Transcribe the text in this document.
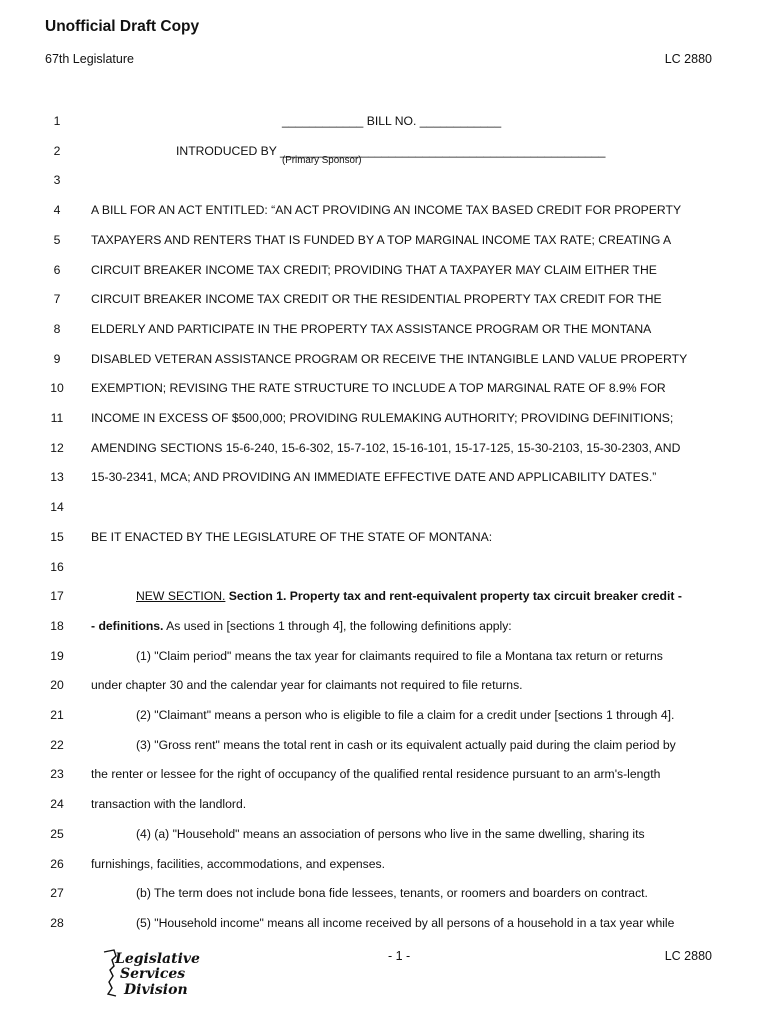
Unofficial Draft Copy
67th Legislature	LC 2880
1	____________ BILL NO. ____________
2	INTRODUCED BY ________________________________________________
3
4	A BILL FOR AN ACT ENTITLED: “AN ACT PROVIDING AN INCOME TAX BASED CREDIT FOR PROPERTY
5	TAXPAYERS AND RENTERS THAT IS FUNDED BY A TOP MARGINAL INCOME TAX RATE; CREATING A
6	CIRCUIT BREAKER INCOME TAX CREDIT; PROVIDING THAT A TAXPAYER MAY CLAIM EITHER THE
7	CIRCUIT BREAKER INCOME TAX CREDIT OR THE RESIDENTIAL PROPERTY TAX CREDIT FOR THE
8	ELDERLY AND PARTICIPATE IN THE PROPERTY TAX ASSISTANCE PROGRAM OR THE MONTANA
9	DISABLED VETERAN ASSISTANCE PROGRAM OR RECEIVE THE INTANGIBLE LAND VALUE PROPERTY
10	EXEMPTION; REVISING THE RATE STRUCTURE TO INCLUDE A TOP MARGINAL RATE OF 8.9% FOR
11	INCOME IN EXCESS OF $500,000; PROVIDING RULEMAKING AUTHORITY; PROVIDING DEFINITIONS;
12	AMENDING SECTIONS 15-6-240, 15-6-302, 15-7-102, 15-16-101, 15-17-125, 15-30-2103, 15-30-2303, AND
13	15-30-2341, MCA; AND PROVIDING AN IMMEDIATE EFFECTIVE DATE AND APPLICABILITY DATES.”
14
15	BE IT ENACTED BY THE LEGISLATURE OF THE STATE OF MONTANA:
16
17	NEW SECTION. Section 1. Property tax and rent-equivalent property tax circuit breaker credit -
18	- definitions. As used in [sections 1 through 4], the following definitions apply:
19	(1) "Claim period" means the tax year for claimants required to file a Montana tax return or returns
20	under chapter 30 and the calendar year for claimants not required to file returns.
21	(2) "Claimant" means a person who is eligible to file a claim for a credit under [sections 1 through 4].
22	(3) "Gross rent" means the total rent in cash or its equivalent actually paid during the claim period by
23	the renter or lessee for the right of occupancy of the qualified rental residence pursuant to an arm's-length
24	transaction with the landlord.
25	(4) (a) "Household" means an association of persons who live in the same dwelling, sharing its
26	furnishings, facilities, accommodations, and expenses.
27	(b) The term does not include bona fide lessees, tenants, or roomers and boarders on contract.
28	(5) "Household income" means all income received by all persons of a household in a tax year while
(Primary Sponsor)
- 1 -	LC 2880
Legislative
Services
Division
